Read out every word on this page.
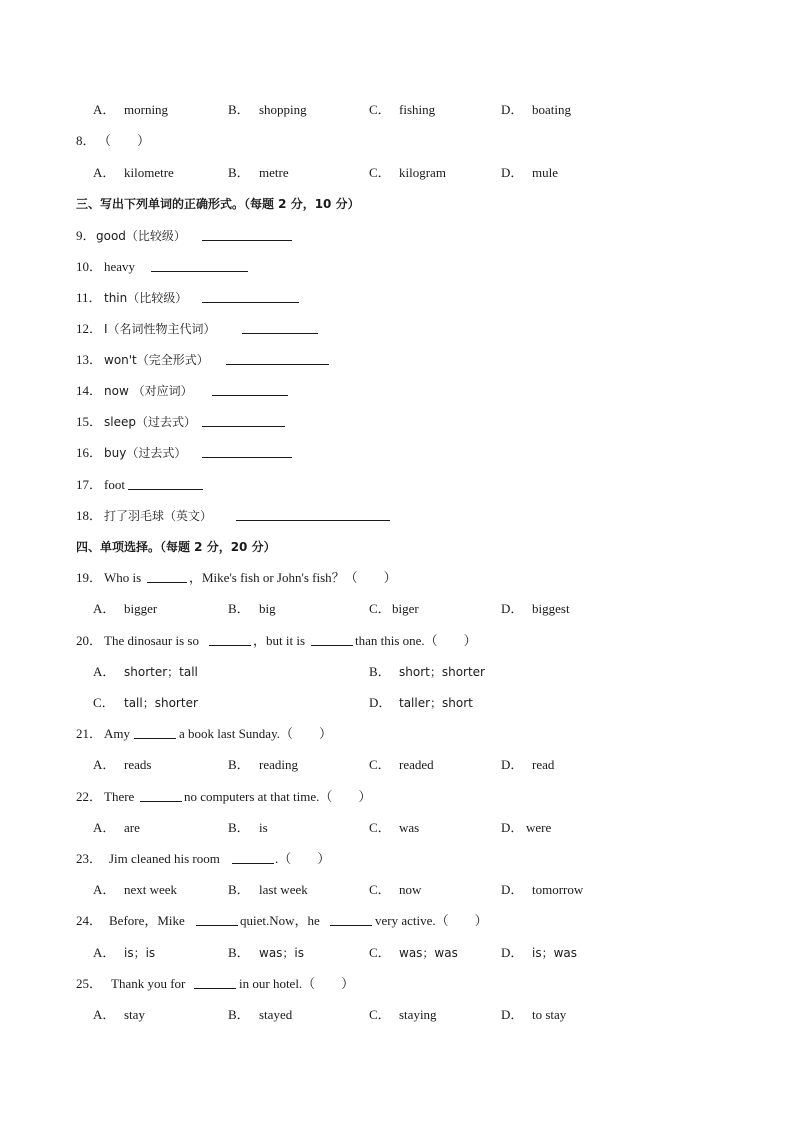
A． morning	B． shopping	C． fishing	D． boating
8． （　　）
A． kilometre	B． metre	C． kilogram	D． mule
三、写出下列单词的正确形式。（每题 2 分，10 分）
9． good（比较级）
10． heavy
11． thin（比较级）
12． I（名词性物主代词）
13． won't（完全形式）
14． now （对应词）
15． sleep（过去式）
16． buy（过去式）
17． foot
18． 打了羽毛球（英文）
四、单项选择。（每题 2 分，20 分）
19． Who is	，Mike's fish or John's fish？（　　）
A． bigger	B． big	C． biger	D． biggest
20． The dinosaur is so	，but it is	than this one.（　　）
A． shorter；tall	B． short；shorter
C． tall；shorter	D． taller；short
21． Amy	a book last Sunday.（　　）
A． reads	B． reading	C． readed	D． read
22． There	no computers at that time.（　　）
A． are	B． is	C． was	D． were
23． Jim cleaned his room	.（　　）
A． next week	B． last week	C． now	D． tomorrow
24． Before，Mike	quiet.Now，he	very active.（　　）
A． is；is	B． was；is	C． was；was	D． is；was
25． Thank you for	in our hotel.（　　）
A． stay	B． stayed	C． staying	D． to stay
